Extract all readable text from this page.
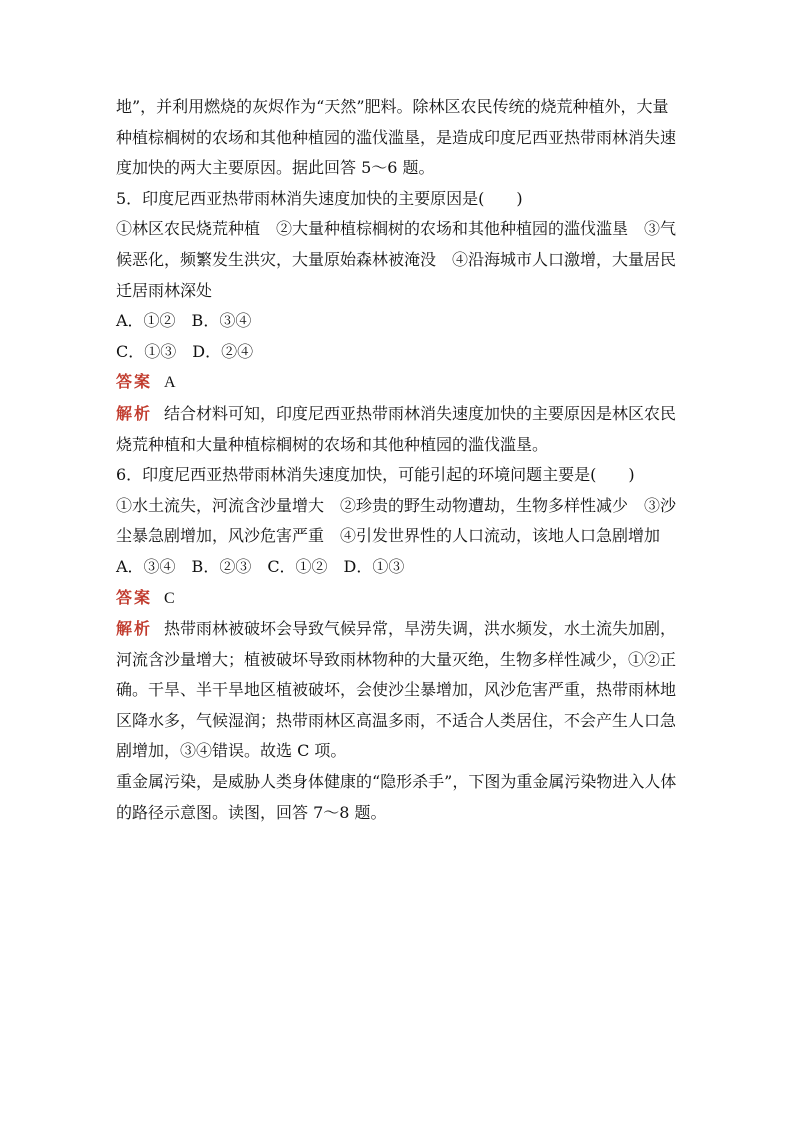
地”，并利用燃烧的灰烬作为“天然”肥料。除林区农民传统的烧荒种植外，大量
种植棕榈树的农场和其他种植园的滥伐滥垦，是造成印度尼西亚热带雨林消失速
度加快的两大主要原因。据此回答 5～6 题。

5．印度尼西亚热带雨林消失速度加快的主要原因是(　　)

①林区农民烧荒种植　②大量种植棕榈树的农场和其他种植园的滥伐滥垦　③气
候恶化，频繁发生洪灾，大量原始森林被淹没　④沿海城市人口激增，大量居民
迁居雨林深处

A．①②　B．③④
C．①③　D．②④

答案 A

解析 结合材料可知，印度尼西亚热带雨林消失速度加快的主要原因是林区农民
烧荒种植和大量种植棕榈树的农场和其他种植园的滥伐滥垦。

6．印度尼西亚热带雨林消失速度加快，可能引起的环境问题主要是(　　)

①水土流失，河流含沙量增大　②珍贵的野生动物遭劫，生物多样性减少　③沙
尘暴急剧增加，风沙危害严重　④引发世界性的人口流动，该地人口急剧增加

A．③④　B．②③　C．①②　D．①③

答案 C

解析 热带雨林被破坏会导致气候异常，旱涝失调，洪水频发，水土流失加剧，
河流含沙量增大；植被破坏导致雨林物种的大量灭绝，生物多样性减少，①②正
确。干旱、半干旱地区植被破坏，会使沙尘暴增加，风沙危害严重，热带雨林地
区降水多，气候湿润；热带雨林区高温多雨，不适合人类居住，不会产生人口急
剧增加，③④错误。故选 C 项。

重金属污染，是威胁人类身体健康的“隐形杀手”，下图为重金属污染物进入人体
的路径示意图。读图，回答 7～8 题。
